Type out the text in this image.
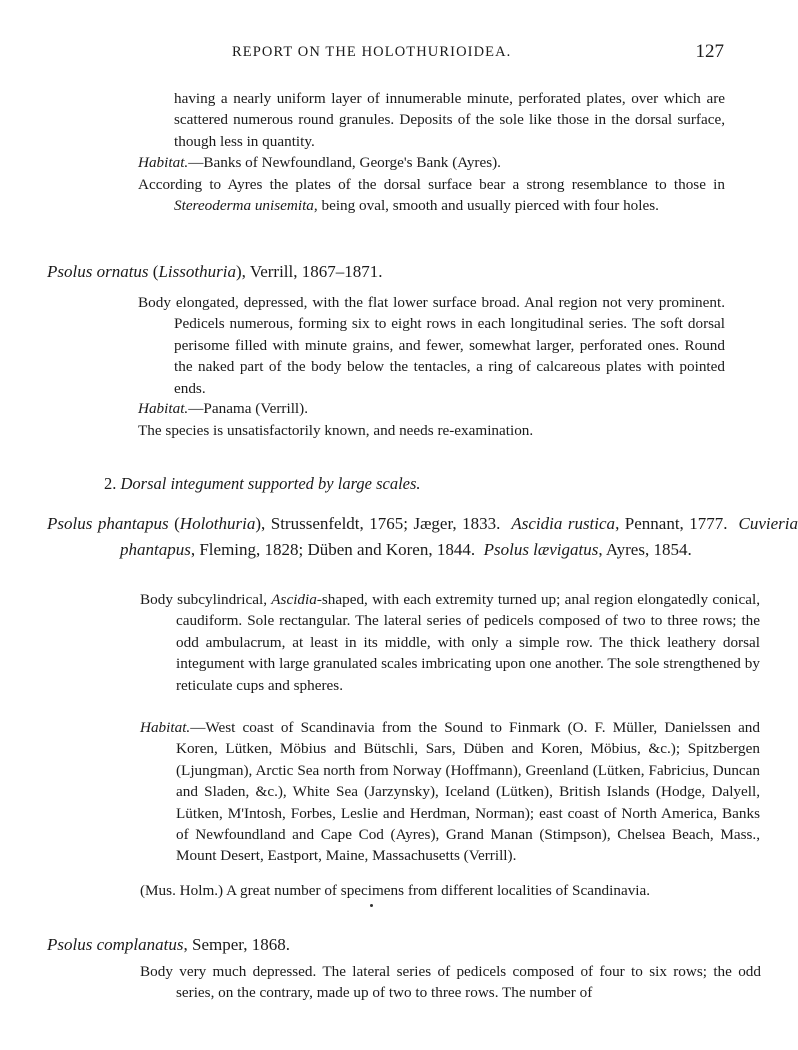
REPORT ON THE HOLOTHURIOIDEA.	127

having a nearly uniform layer of innumerable minute, perforated plates, over which are scattered numerous round granules. Deposits of the sole like those in the dorsal surface, though less in quantity.

Habitat.—Banks of Newfoundland, George's Bank (Ayres).

According to Ayres the plates of the dorsal surface bear a strong resemblance to those in Stereoderma unisemita, being oval, smooth and usually pierced with four holes.

Psolus ornatus (Lissothuria), Verrill, 1867–1871.

Body elongated, depressed, with the flat lower surface broad. Anal region not very prominent. Pedicels numerous, forming six to eight rows in each longitudinal series. The soft dorsal perisome filled with minute grains, and fewer, somewhat larger, perforated ones. Round the naked part of the body below the tentacles, a ring of calcareous plates with pointed ends.

Habitat.—Panama (Verrill).

The species is unsatisfactorily known, and needs re-examination.

2. Dorsal integument supported by large scales.
Psolus phantapus (Holothuria), Strussenfeldt, 1765; Jæger, 1833. Ascidia rustica, Pennant, 1777. Cuvieria phantapus, Fleming, 1828; Düben and Koren, 1844. Psolus lævigatus, Ayres, 1854.

Body subcylindrical, Ascidia-shaped, with each extremity turned up; anal region elongatedly conical, caudiform. Sole rectangular. The lateral series of pedicels composed of two to three rows; the odd ambulacrum, at least in its middle, with only a simple row. The thick leathery dorsal integument with large granulated scales imbricating upon one another. The sole strengthened by reticulate cups and spheres.

Habitat.—West coast of Scandinavia from the Sound to Finmark (O. F. Müller, Danielssen and Koren, Lütken, Möbius and Bütschli, Sars, Düben and Koren, Möbius, &c.); Spitzbergen (Ljungman), Arctic Sea north from Norway (Hoffmann), Greenland (Lütken, Fabricius, Duncan and Sladen, &c.), White Sea (Jarzynsky), Iceland (Lütken), British Islands (Hodge, Dalyell, Lütken, M'Intosh, Forbes, Leslie and Herdman, Norman); east coast of North America, Banks of Newfoundland and Cape Cod (Ayres), Grand Manan (Stimpson), Chelsea Beach, Mass., Mount Desert, Eastport, Maine, Massachusetts (Verrill).

(Mus. Holm.) A great number of specimens from different localities of Scandinavia.

Psolus complanatus, Semper, 1868.

Body very much depressed. The lateral series of pedicels composed of four to six rows; the odd series, on the contrary, made up of two to three rows. The number of
